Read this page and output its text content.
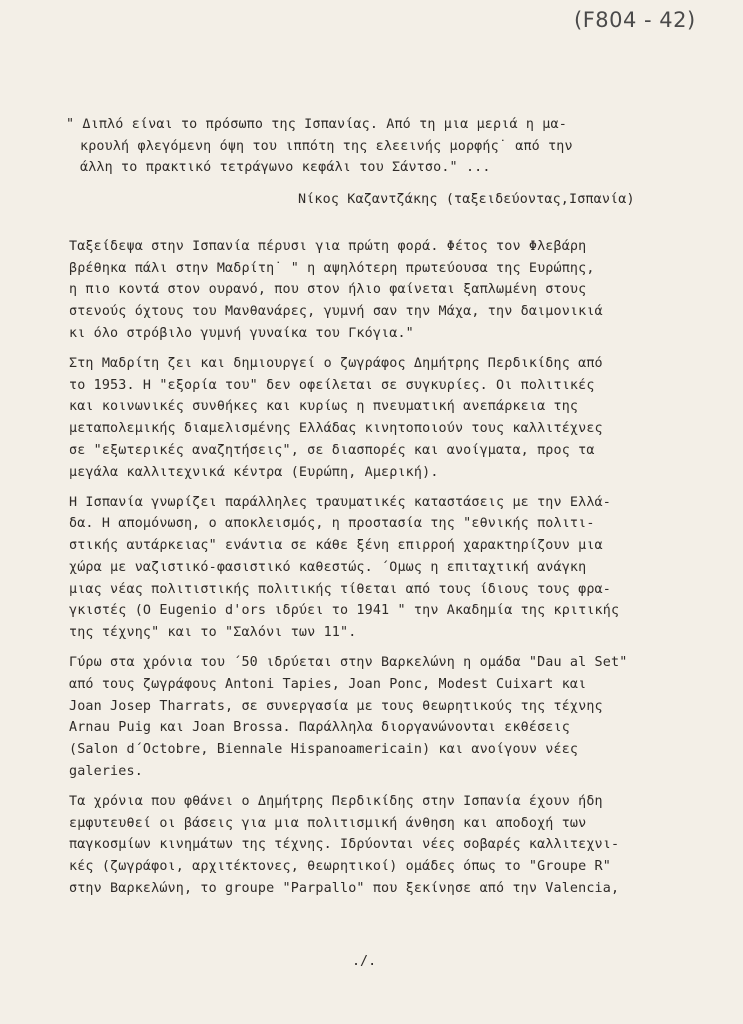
(F804 - 42)
" Διπλό είναι το πρόσωπο της Ισπανίας. Από τη μια μεριά η μα-
κρουλή φλεγόμενη όψη του ιππότη της ελεεινής μορφής˙ από την
άλλη το πρακτικό τετράγωνο κεφάλι του Σάντσο." ...
Νίκος Καζαντζάκης (ταξειδεύοντας,Ισπανία)
Ταξείδεψα στην Ισπανία πέρυσι για πρώτη φορά. Φέτος τον Φλεβάρη
βρέθηκα πάλι στην Μαδρίτη˙ " η αψηλότερη πρωτεύουσα της Ευρώπης,
η πιο κοντά στον ουρανό, που στον ήλιο φαίνεται ξαπλωμένη στους
στενούς όχτους του Μανθανάρες, γυμνή σαν την Μάχα, την δαιμονικιά
κι όλο στρόβιλο γυμνή γυναίκα του Γκόγια."
Στη Μαδρίτη ζει και δημιουργεί ο ζωγράφος Δημήτρης Περδικίδης από
το 1953. Η "εξορία του" δεν οφείλεται σε συγκυρίες. Οι πολιτικές
και κοινωνικές συνθήκες και κυρίως η πνευματική ανεπάρκεια της
μεταπολεμικής διαμελισμένης Ελλάδας κινητοποιούν τους καλλιτέχνες
σε "εξωτερικές αναζητήσεις", σε διασπορές και ανοίγματα, προς τα
μεγάλα καλλιτεχνικά κέντρα (Ευρώπη, Αμερική).
Η Ισπανία γνωρίζει παράλληλες τραυματικές καταστάσεις με την Ελλά-
δα. Η απομόνωση, ο αποκλεισμός, η προστασία της "εθνικής πολιτι-
στικής αυτάρκειας" ενάντια σε κάθε ξένη επιρροή χαρακτηρίζουν μια
χώρα με ναζιστικό-φασιστικό καθεστώς. ΄Ομως η επιταχτική ανάγκη
μιας νέας πολιτιστικής πολιτικής τίθεται από τους ίδιους τους φρα-
γκιστές (Ο Eugenio d'ors ιδρύει το 1941 " την Ακαδημία της κριτικής
της τέχνης" και το "Σαλόνι των 11".
Γύρω στα χρόνια του ΄50 ιδρύεται στην Βαρκελώνη η ομάδα "Dau al Set"
από τους ζωγράφους Antoni Tapies, Joan Ponc, Modest Cuixart και
Joan Josep Tharrats, σε συνεργασία με τους θεωρητικούς της τέχνης
Arnau Puig και Joan Brossa. Παράλληλα διοργανώνονται εκθέσεις
(Salon d΄Octobre, Biennale Hispanoamericain) και ανοίγουν νέες
galeries.
Τα χρόνια που φθάνει ο Δημήτρης Περδικίδης στην Ισπανία έχουν ήδη
εμφυτευθεί οι βάσεις για μια πολιτισμική άνθηση και αποδοχή των
παγκοσμίων κινημάτων της τέχνης. Ιδρύονται νέες σοβαρές καλλιτεχνι-
κές (ζωγράφοι, αρχιτέκτονες, θεωρητικοί) ομάδες όπως το "Groupe R"
στην Βαρκελώνη, το groupe "Parpallo" που ξεκίνησε από την Valencia,
./.
